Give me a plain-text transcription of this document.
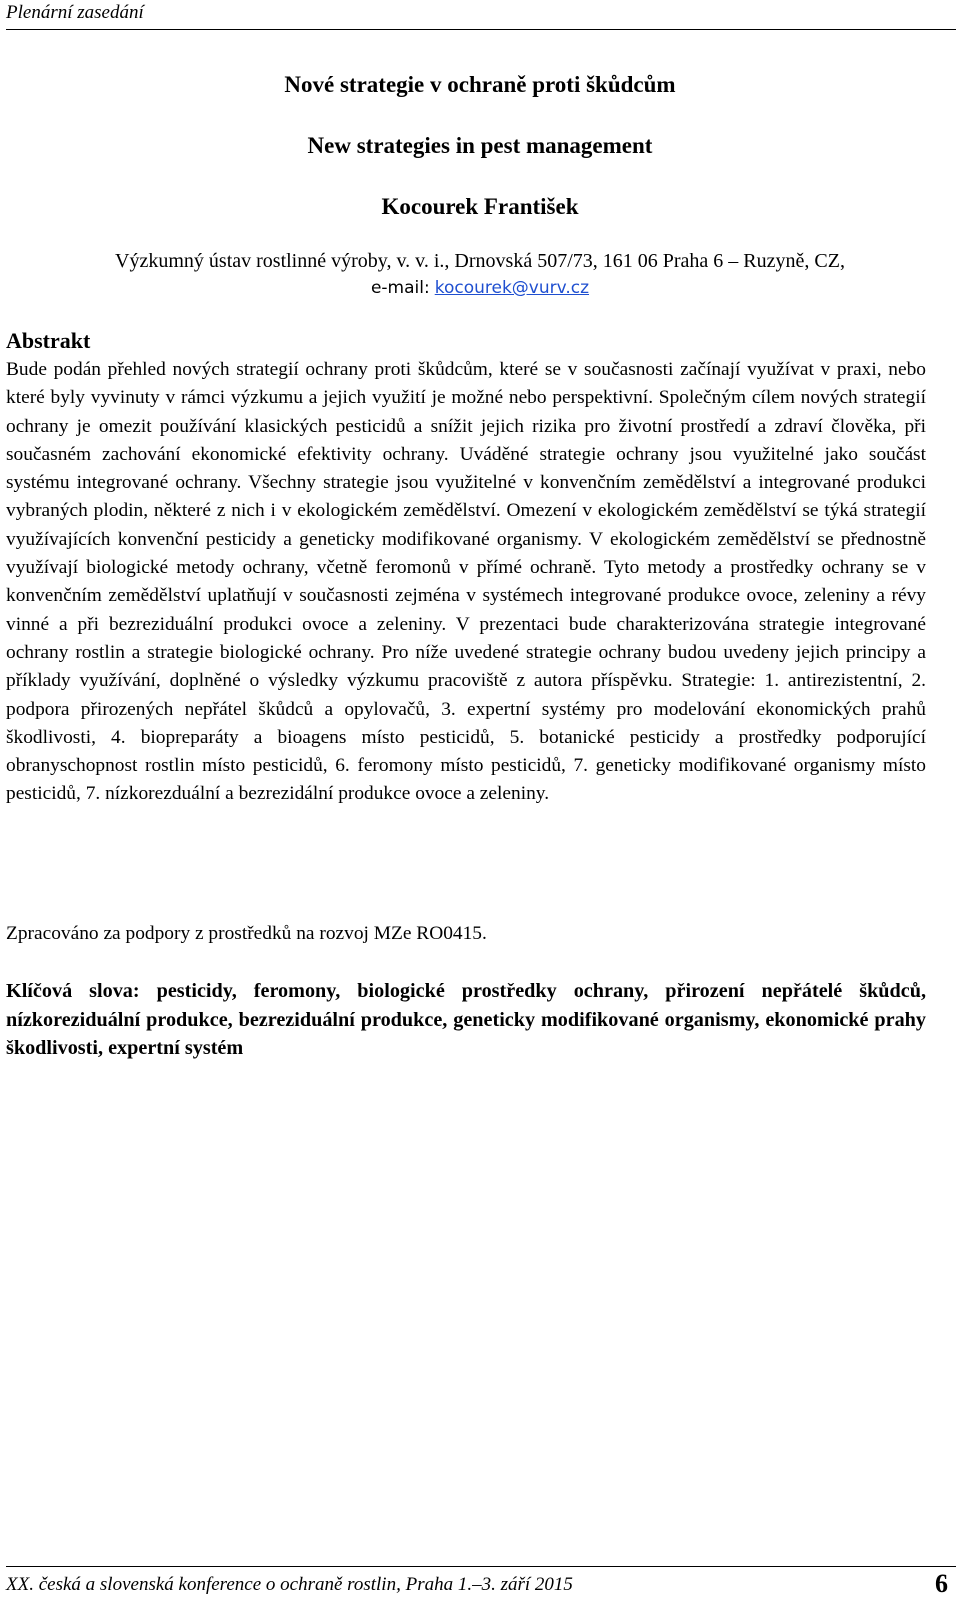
Plenární zasedání
Nové strategie v ochraně proti škůdcům
New strategies in pest management
Kocourek František

Výzkumný ústav rostlinné výroby, v. v. i., Drnovská 507/73, 161 06 Praha 6 – Ruzyně, CZ,

e-mail: kocourek@vurv.cz

Abstrakt

Bude podán přehled nových strategií ochrany proti škůdcům, které se v současnosti začínají využívat v praxi, nebo které byly vyvinuty v rámci výzkumu a jejich využití je možné nebo perspektivní. Společným cílem nových strategií ochrany je omezit používání klasických pesticidů a snížit jejich rizika pro životní prostředí a zdraví člověka, při současném zachování ekonomické efektivity ochrany. Uváděné strategie ochrany jsou využitelné jako součást systému integrované ochrany. Všechny strategie jsou využitelné v konvenčním zemědělství a integrované produkci vybraných plodin, některé z nich i v ekologickém zemědělství. Omezení v ekologickém zemědělství se týká strategií využívajících konvenční pesticidy a geneticky modifikované organismy. V ekologickém zemědělství se přednostně využívají biologické metody ochrany, včetně feromonů v přímé ochraně. Tyto metody a prostředky ochrany se v konvenčním zemědělství uplatňují v současnosti zejména v systémech integrované produkce ovoce, zeleniny a révy vinné a při bezreziduální produkci ovoce a zeleniny. V prezentaci bude charakterizována strategie integrované ochrany rostlin a strategie biologické ochrany. Pro níže uvedené strategie ochrany budou uvedeny jejich principy a příklady využívání, doplněné o výsledky výzkumu pracoviště z autora příspěvku. Strategie: 1. antirezistentní, 2. podpora přirozených nepřátel škůdců a opylovačů, 3. expertní systémy pro modelování ekonomických prahů škodlivosti, 4. biopreparáty a bioagens místo pesticidů, 5. botanické pesticidy a prostředky podporující obranyschopnost rostlin místo pesticidů, 6. feromony místo pesticidů, 7. geneticky modifikované organismy místo pesticidů, 7. nízkorezduální a bezrezidální produkce ovoce a zeleniny.

Zpracováno za podpory z prostředků na rozvoj MZe RO0415.

Klíčová slova: pesticidy, feromony, biologické prostředky ochrany, přirození nepřátelé škůdců, nízkoreziduální produkce, bezreziduální produkce, geneticky modifikované organismy, ekonomické prahy škodlivosti, expertní systém

XX. česká a slovenská konference o ochraně rostlin, Praha 1.–3. září 2015	6
